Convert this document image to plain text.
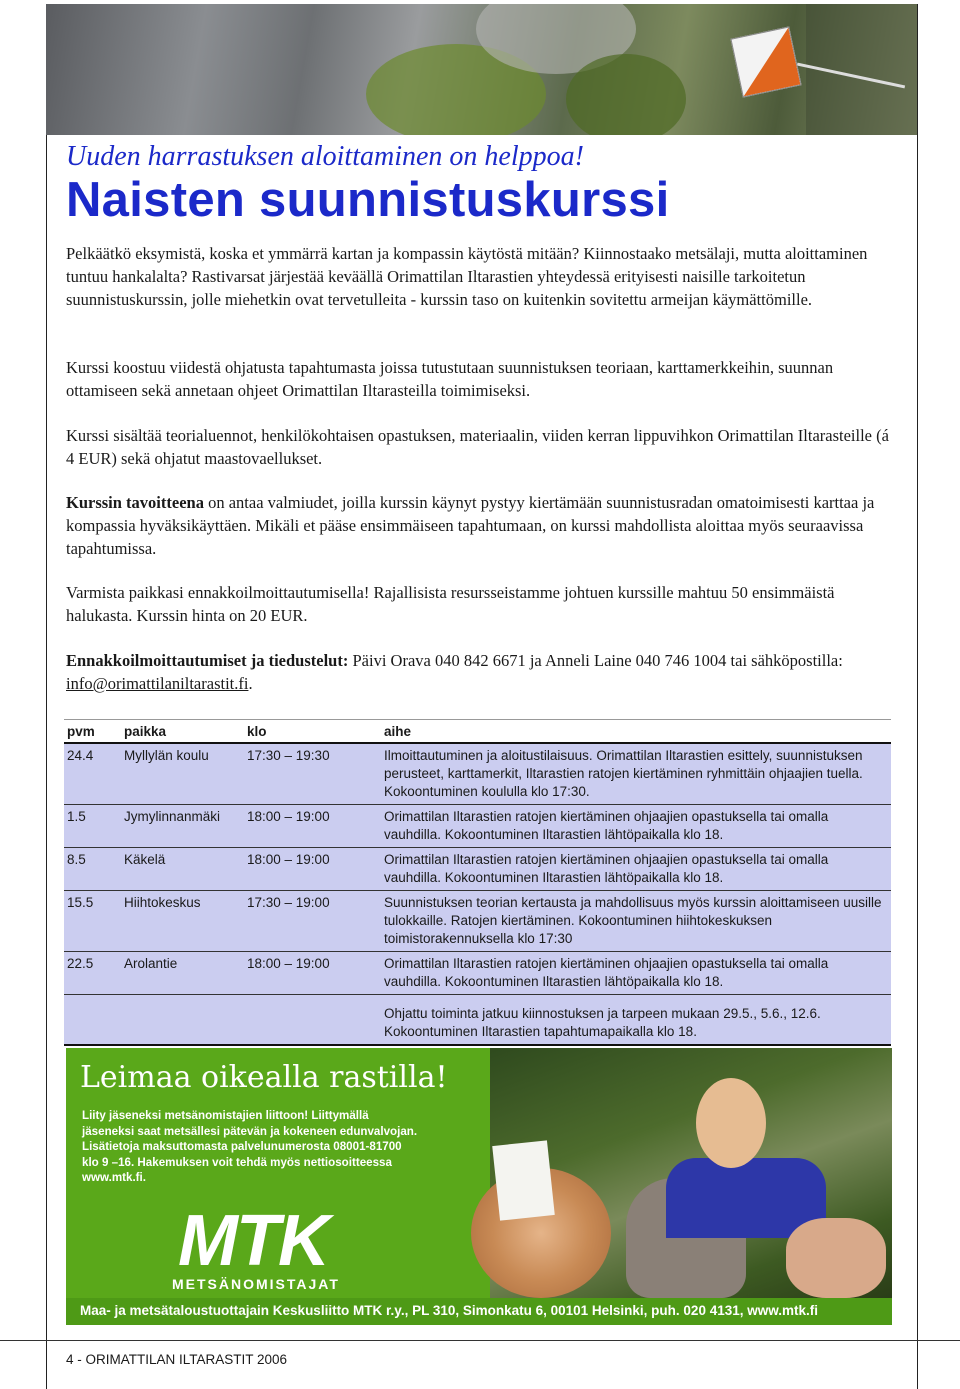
Uuden harrastuksen aloittaminen on helppoa!
Naisten suunnistuskurssi

Pelkäätkö eksymistä, koska et ymmärrä kartan ja kompassin käytöstä mitään? Kiinnostaako metsälaji, mutta aloittaminen tuntuu hankalalta? Rastivarsat järjestää keväällä Orimattilan Iltarastien yhteydessä erityisesti naisille tarkoitetun suunnistuskurssin, jolle miehetkin ovat tervetulleita - kurssin taso on kuitenkin sovitettu armeijan käymättömille.

Kurssi koostuu viidestä ohjatusta tapahtumasta joissa tutustutaan suunnistuksen teoriaan, karttamerkkeihin, suunnan ottamiseen sekä annetaan ohjeet Orimattilan Iltarasteilla toimimiseksi.

Kurssi sisältää teorialuennot, henkilökohtaisen opastuksen, materiaalin, viiden kerran lippuvihkon Orimattilan Iltarasteille (á 4 EUR) sekä ohjatut maastovaellukset.

Kurssin tavoitteena on antaa valmiudet, joilla kurssin käynyt pystyy kiertämään suunnistusradan omatoimisesti karttaa ja kompassia hyväksikäyttäen. Mikäli et pääse ensimmäiseen tapahtumaan, on kurssi mahdollista aloittaa myös seuraavissa tapahtumissa.

Varmista paikkasi ennakkoilmoittautumisella! Rajallisista resursseistamme johtuen kurssille mahtuu 50 ensimmäistä halukasta. Kurssin hinta on 20 EUR.

Ennakkoilmoittautumiset ja tiedustelut: Päivi Orava 040 842 6671 ja Anneli Laine 040 746 1004 tai sähköpostilla: info@orimattilaniltarastit.fi.

pvm	paikka	klo	aihe
24.4	Myllylän koulu	17:30 – 19:30	Ilmoittautuminen ja aloitustilaisuus. Orimattilan Iltarastien esittely, suunnistuksen perusteet, karttamerkit, Iltarastien ratojen kiertäminen ryhmittäin ohjaajien tuella. Kokoontuminen koululla klo 17:30.
1.5	Jymylinnanmäki	18:00 – 19:00	Orimattilan Iltarastien ratojen kiertäminen ohjaajien opastuksella tai omalla vauhdilla. Kokoontuminen Iltarastien lähtöpaikalla klo 18.
8.5	Käkelä	18:00 – 19:00	Orimattilan Iltarastien ratojen kiertäminen ohjaajien opastuksella tai omalla vauhdilla. Kokoontuminen Iltarastien lähtöpaikalla klo 18.
15.5	Hiihtokeskus	17:30 – 19:00	Suunnistuksen teorian kertausta ja mahdollisuus myös kurssin aloittamiseen uusille tulokkaille. Ratojen kiertäminen. Kokoontuminen hiihtokeskuksen toimistorakennuksella klo 17:30
22.5	Arolantie	18:00 – 19:00	Orimattilan Iltarastien ratojen kiertäminen ohjaajien opastuksella tai omalla vauhdilla. Kokoontuminen Iltarastien lähtöpaikalla klo 18.
			Ohjattu toiminta jatkuu kiinnostuksen ja tarpeen mukaan 29.5., 5.6., 12.6. Kokoontuminen Iltarastien tapahtumapaikalla klo 18.
Leimaa oikealla rastilla!

Liity jäseneksi metsänomistajien liittoon! Liittymällä

jäseneksi saat metsällesi pätevän ja kokeneen edunvalvojan.

Lisätietoja maksuttomasta palvelunumerosta 08001-81700

klo 9 –16. Hakemuksen voit tehdä myös nettiosoitteessa

www.mtk.fi.

MTK
METSÄNOMISTAJAT
Maa- ja metsätaloustuottajain Keskusliitto MTK r.y., PL 310, Simonkatu 6, 00101 Helsinki, puh. 020 4131, www.mtk.fi
4 - ORIMATTILAN ILTARASTIT 2006
